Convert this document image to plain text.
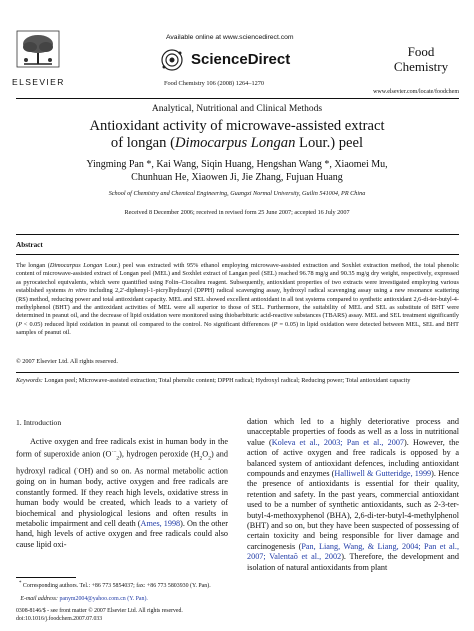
ELSEVIER
Available online at www.sciencedirect.com
ScienceDirect
Food Chemistry 106 (2008) 1264–1270
Food
Chemistry
www.elsevier.com/locate/foodchem
Analytical, Nutritional and Clinical Methods
Antioxidant activity of microwave-assisted extract
of longan (Dimocarpus Longan Lour.) peel
Yingming Pan *, Kai Wang, Siqin Huang, Hengshan Wang *, Xiaomei Mu,
Chunhuan He, Xiaowen Ji, Jie Zhang, Fujuan Huang
School of Chemistry and Chemical Engineering, Guangxi Normal University, Guilin 541004, PR China
Received 8 December 2006; received in revised form 25 June 2007; accepted 16 July 2007
Abstract

The longan (Dimocarpus Longan Lour.) peel was extracted with 95% ethanol employing microwave-assisted extraction and Soxhlet extraction method, the total phenolic content of microwave-assisted extract of Longan peel (MEL) and Soxhlet extract of Langan peel (SEL) reached 96.78 mg/g and 90.35 mg/g dry weight, respectively, expressed as pyrocatechol equivalents, which were quantified using Folin–Ciocalteu reagent. Subsequently, antioxidant properties of two extracts were investigated employing various established systems in vitro including 2,2′-diphenyl-1-picrylhydrazyl (DPPH) radical scavenging assay, hydroxyl radical scavenging assay using a new resonance scattering (RS) method, reducing power and total antioxidant capacity. MEL and SEL showed excellent antioxidant in all test systems compared to synthetic antioxidant 2,6-di-ter-butyl-4-methylphenol (BHT) and the antioxidant activities of MEL were all superior to those of SEL. Furthermore, the suitability of MEL and SEL as substitute of BHT were determined in peanut oil, and the decrease of lipid oxidation were monitored using thiobarbituric acid-reactive substances (TBARS) assay. MEL and SEL treatment significantly (P < 0.05) reduced lipid oxidation in peanut oil compared to the control. No significant differences (P = 0.05) in lipid oxidation were detected between MEL, SEL and BHT samples of peanut oil.

© 2007 Elsevier Ltd. All rights reserved.

Keywords: Longan peel; Microwave-assisted extraction; Total phenolic content; DPPH radical; Hydroxyl radical; Reducing power; Total antioxidant capacity

1. Introduction

Active oxygen and free radicals exist in human body in the form of superoxide anion $(O^{\cdot-}_2)$, hydrogen peroxide $(H_2O_2)$ and hydroxyl radical (·OH) and so on. As normal metabolic action going on in human body, active oxygen and free radicals are constantly formed. If they reach high levels, oxidative stress in human body would be created, which leads to a variety of biochemical and physiological lesions and often results in metabolic impairment and cell death (Ames, 1998). On the other hand, high levels of active oxygen and free radicals could also cause lipid oxi-

dation which led to a highly deteriorative process and unacceptable properties of foods as well as a loss in nutritional value (Koleva et al., 2003; Pan et al., 2007). However, the action of active oxygen and free radicals is opposed by a balanced system of antioxidant defences, including antioxidant compounds and enzymes (Halliwell & Gutteridge, 1999). Hence the presence of antioxidants is essential for their quality, retention and safety. In the past years, commercial antioxidant used to be a number of synthetic antioxidants, such as 2-3-ter-butyl-4-methoxyphenol (BHA), 2,6-di-ter-butyl-4-methylphenol (BHT) and so on, but they have been suspected of possessing of certain toxicity and being responsible for liver damage and carcinogenesis (Pan, Liang, Wang, & Liang, 2004; Pan et al., 2007; Valentaõ et al., 2002). Therefore, the development and isolation of natural antioxidants from plant

* Corresponding authors. Tel.: +86 773 5854037; fax: +86 773 5803930 (Y. Pan).

E-mail address: panym2004@yahoo.com.cn (Y. Pan).

0308-8146/$ - see front matter © 2007 Elsevier Ltd. All rights reserved.
doi:10.1016/j.foodchem.2007.07.033
